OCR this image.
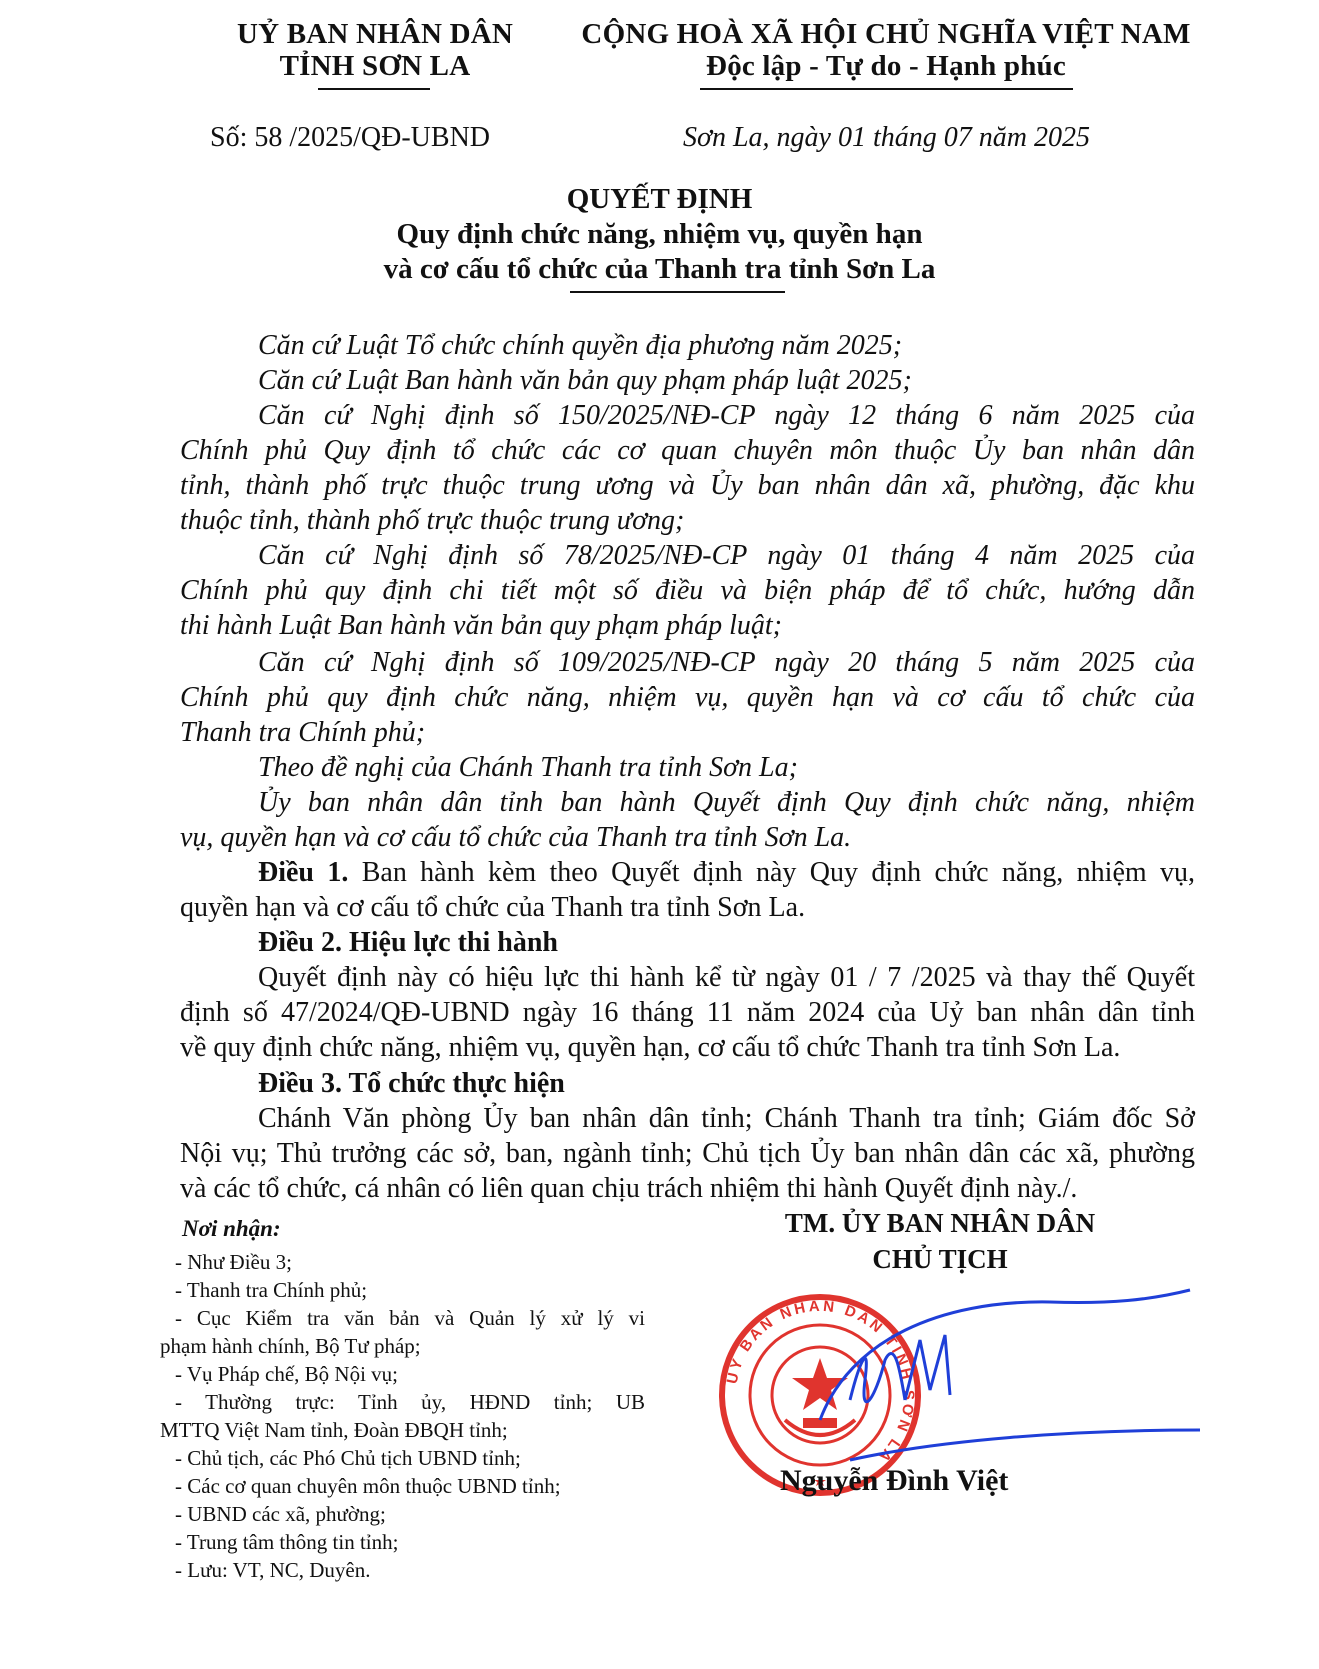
UỶ BAN NHÂN DÂN
TỈNH SƠN LA
CỘNG HOÀ XÃ HỘI CHỦ NGHĨA VIỆT NAM
Độc lập - Tự do - Hạnh phúc
Số: 58 /2025/QĐ-UBND	Sơn La, ngày 01 tháng 07 năm 2025
QUYẾT ĐỊNH
Quy định chức năng, nhiệm vụ, quyền hạn
và cơ cấu tổ chức của Thanh tra tỉnh Sơn La
Căn cứ Luật Tổ chức chính quyền địa phương năm 2025;
Căn cứ Luật Ban hành văn bản quy phạm pháp luật 2025;
Căn cứ Nghị định số 150/2025/NĐ-CP ngày 12 tháng 6 năm 2025 của
Chính phủ Quy định tổ chức các cơ quan chuyên môn thuộc Ủy ban nhân dân
tỉnh, thành phố trực thuộc trung ương và Ủy ban nhân dân xã, phường, đặc khu
thuộc tỉnh, thành phố trực thuộc trung ương;
Căn cứ Nghị định số 78/2025/NĐ-CP ngày 01 tháng 4 năm 2025 của
Chính phủ quy định chi tiết một số điều và biện pháp để tổ chức, hướng dẫn
thi hành Luật Ban hành văn bản quy phạm pháp luật;
Căn cứ Nghị định số 109/2025/NĐ-CP ngày 20 tháng 5 năm 2025 của
Chính phủ quy định chức năng, nhiệm vụ, quyền hạn và cơ cấu tổ chức của
Thanh tra Chính phủ;
Theo đề nghị của Chánh Thanh tra tỉnh Sơn La;
Ủy ban nhân dân tỉnh ban hành Quyết định Quy định chức năng, nhiệm
vụ, quyền hạn và cơ cấu tổ chức của Thanh tra tỉnh Sơn La.
Điều 1. Ban hành kèm theo Quyết định này Quy định chức năng, nhiệm vụ,
quyền hạn và cơ cấu tổ chức của Thanh tra tỉnh Sơn La.
Điều 2. Hiệu lực thi hành
Quyết định này có hiệu lực thi hành kể từ ngày 01 / 7 /2025 và thay thế Quyết
định số 47/2024/QĐ-UBND ngày 16 tháng 11 năm 2024 của Uỷ ban nhân dân tỉnh
về quy định chức năng, nhiệm vụ, quyền hạn, cơ cấu tổ chức Thanh tra tỉnh Sơn La.
Điều 3. Tổ chức thực hiện
Chánh Văn phòng Ủy ban nhân dân tỉnh; Chánh Thanh tra tỉnh; Giám đốc Sở
Nội vụ; Thủ trưởng các sở, ban, ngành tỉnh; Chủ tịch Ủy ban nhân dân các xã, phường
và các tổ chức, cá nhân có liên quan chịu trách nhiệm thi hành Quyết định này./.
Nơi nhận:
- Như Điều 3;
- Thanh tra Chính phủ;
- Cục Kiểm tra văn bản và Quản lý xử lý vi
phạm hành chính, Bộ Tư pháp;
- Vụ Pháp chế, Bộ Nội vụ;
- Thường trực: Tỉnh ủy, HĐND tỉnh; UB
MTTQ Việt Nam tỉnh, Đoàn ĐBQH tỉnh;
- Chủ tịch, các Phó Chủ tịch UBND tỉnh;
- Các cơ quan chuyên môn thuộc UBND tỉnh;
- UBND các xã, phường;
- Trung tâm thông tin tỉnh;
- Lưu: VT, NC, Duyên.
TM. ỦY BAN NHÂN DÂN
CHỦ TỊCH
ỦY BAN NHÂN DÂN TỈNH SƠN LA
Nguyễn Đình Việt
